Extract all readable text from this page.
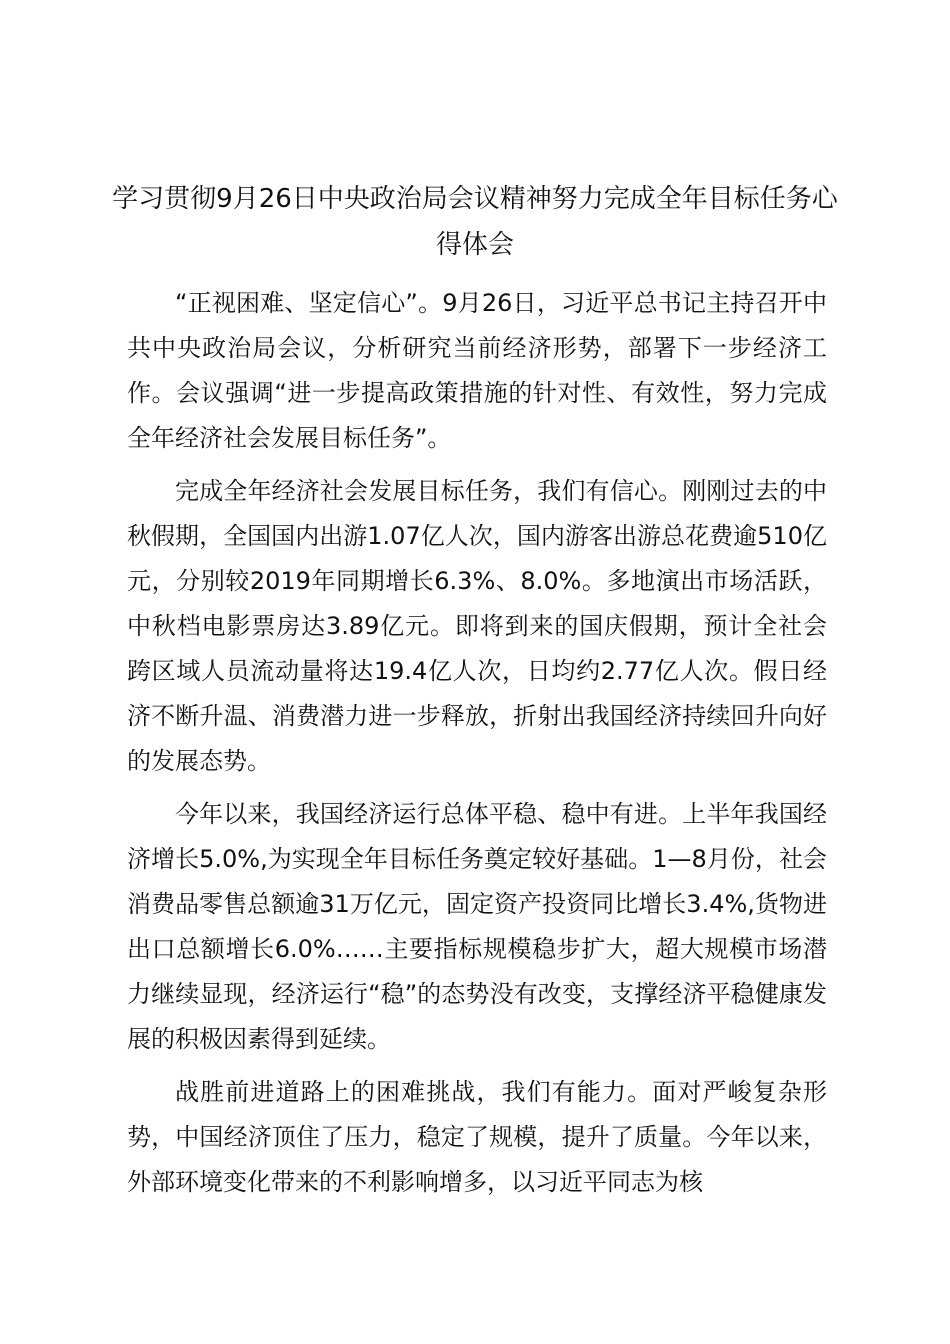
学习贯彻9月26日中央政治局会议精神努力完成全年目标任务心得体会

“正视困难、坚定信心”。9月26日，习近平总书记主持召开中共中央政治局会议，分析研究当前经济形势，部署下一步经济工作。会议强调“进一步提高政策措施的针对性、有效性，努力完成全年经济社会发展目标任务”。

完成全年经济社会发展目标任务，我们有信心。刚刚过去的中秋假期，全国国内出游1.07亿人次，国内游客出游总花费逾510亿元，分别较2019年同期增长6.3%、8.0%。多地演出市场活跃，中秋档电影票房达3.89亿元。即将到来的国庆假期，预计全社会跨区域人员流动量将达19.4亿人次，日均约2.77亿人次。假日经济不断升温、消费潜力进一步释放，折射出我国经济持续回升向好的发展态势。

今年以来，我国经济运行总体平稳、稳中有进。上半年我国经济增长5.0%,为实现全年目标任务奠定较好基础。1—8月份，社会消费品零售总额逾31万亿元，固定资产投资同比增长3.4%,货物进出口总额增长6.0%……主要指标规模稳步扩大，超大规模市场潜力继续显现，经济运行“稳”的态势没有改变，支撑经济平稳健康发展的积极因素得到延续。

战胜前进道路上的困难挑战，我们有能力。面对严峻复杂形势，中国经济顶住了压力，稳定了规模，提升了质量。今年以来，外部环境变化带来的不利影响增多，以习近平同志为核
